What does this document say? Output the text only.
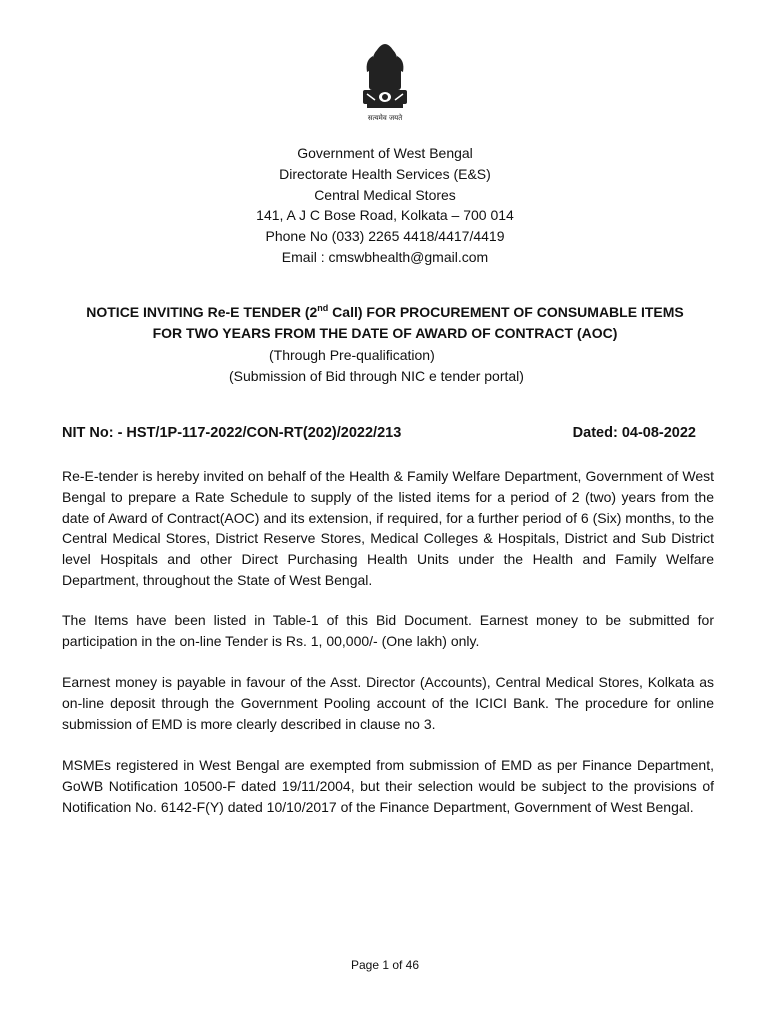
सत्यमेव जयते
Government of West Bengal
Directorate Health Services (E&S)
Central Medical Stores
141, A J C Bose Road, Kolkata – 700 014
Phone No (033) 2265 4418/4417/4419
Email : cmswbhealth@gmail.com
NOTICE INVITING Re-E TENDER (2nd Call) FOR PROCUREMENT OF CONSUMABLE ITEMS
FOR TWO YEARS FROM THE DATE OF AWARD OF CONTRACT (AOC)
(Through Pre-qualification)
(Submission of Bid through NIC e tender portal)
NIT No: - HST/1P-117-2022/CON-RT(202)/2022/213	Dated: 04-08-2022

Re-E-tender is hereby invited on behalf of the Health & Family Welfare Department, Government of West Bengal to prepare a Rate Schedule to supply of the listed items for a period of 2 (two) years from the date of Award of Contract(AOC) and its extension, if required, for a further period of 6 (Six) months, to the Central Medical Stores, District Reserve Stores, Medical Colleges & Hospitals, District and Sub District level Hospitals and other Direct Purchasing Health Units under the Health and Family Welfare Department, throughout the State of West Bengal.

The Items have been listed in Table-1 of this Bid Document. Earnest money to be submitted for participation in the on-line Tender is Rs. 1, 00,000/- (One lakh) only.

Earnest money is payable in favour of the Asst. Director (Accounts), Central Medical Stores, Kolkata as on-line deposit through the Government Pooling account of the ICICI Bank. The procedure for online submission of EMD is more clearly described in clause no 3.

MSMEs registered in West Bengal are exempted from submission of EMD as per Finance Department, GoWB Notification 10500-F dated 19/11/2004, but their selection would be subject to the provisions of Notification No. 6142-F(Y) dated 10/10/2017 of the Finance Department, Government of West Bengal.

Page 1 of 46
